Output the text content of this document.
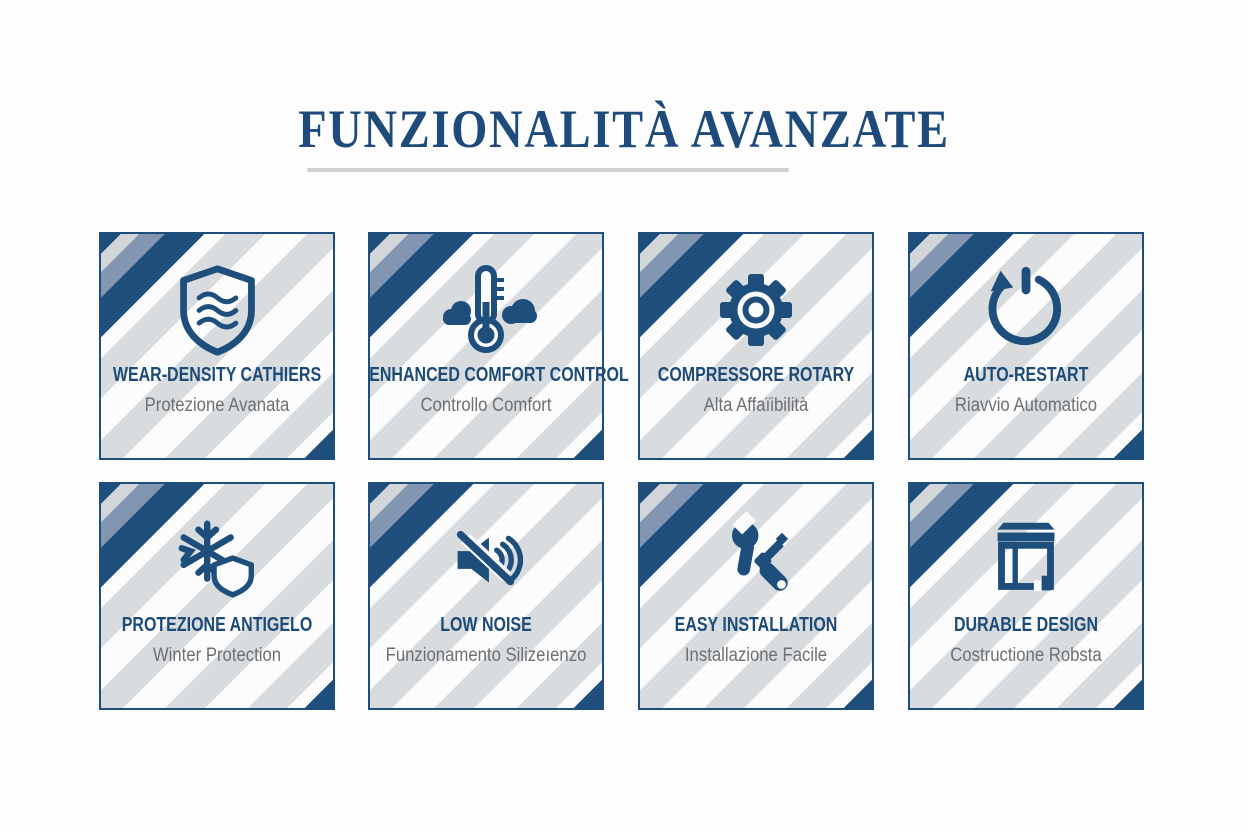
FUNZIONALITÀ AVANZATE
WEAR-DENSITY CATHIERS
Protezione Avanata
ENHANCED COMFORT CONTROL
Controllo Comfort
COMPRESSORE ROTARY
Alta Affaïibilità
AUTO-RESTART
Riavvio Automatico
PROTEZIONE ANTIGELO
Winter Protection
LOW NOISE
Funzionamento Silizeıenzo
EASY INSTALLATION
Installazione Facile
DURABLE DESIGN
Costructione Robsta
